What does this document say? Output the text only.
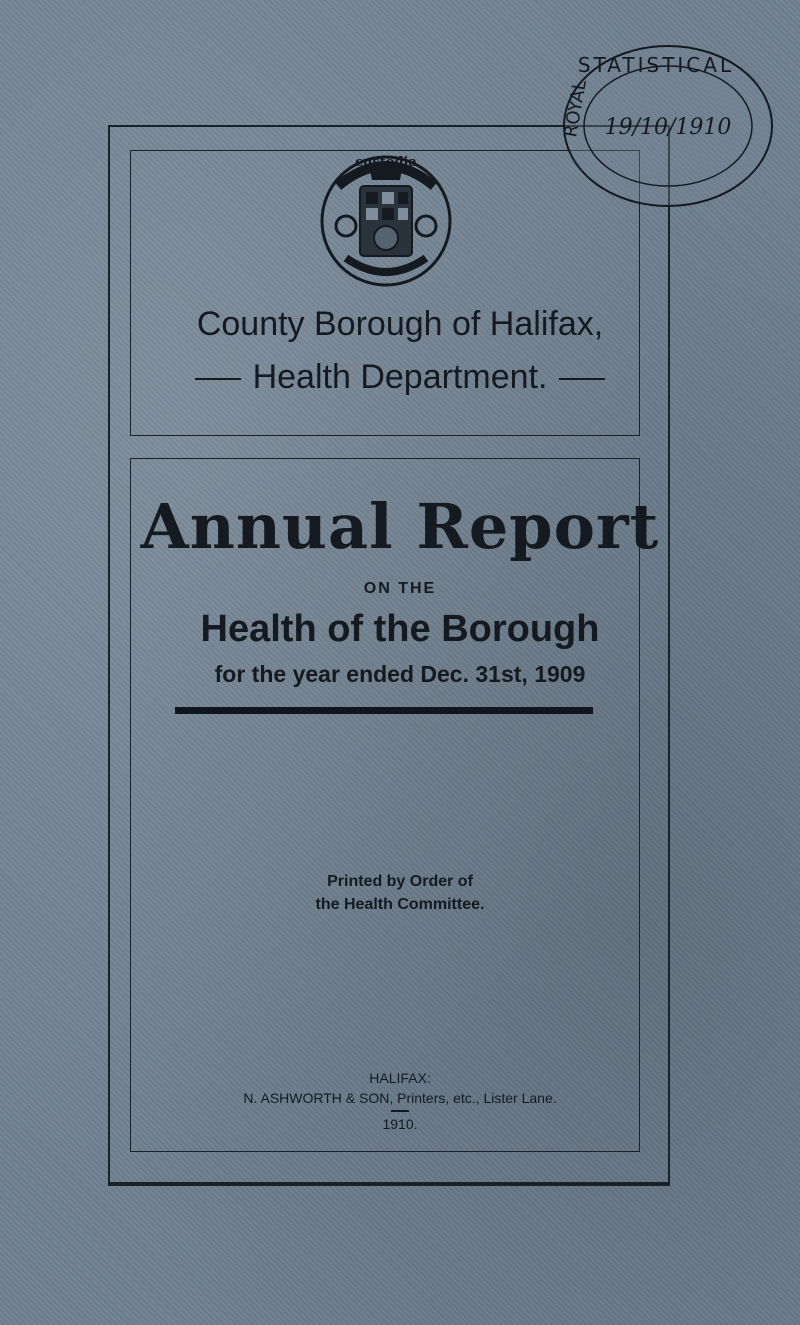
custodia
STATISTICAL
ROYAL 19/10/1910
County Borough of Halifax,
Health Department.
Annual Report
ON THE
Health of the Borough
for the year ended Dec. 31st, 1909
Printed by Order of
the Health Committee.
HALIFAX:
N. ASHWORTH & SON, Printers, etc., Lister Lane.
1910.
